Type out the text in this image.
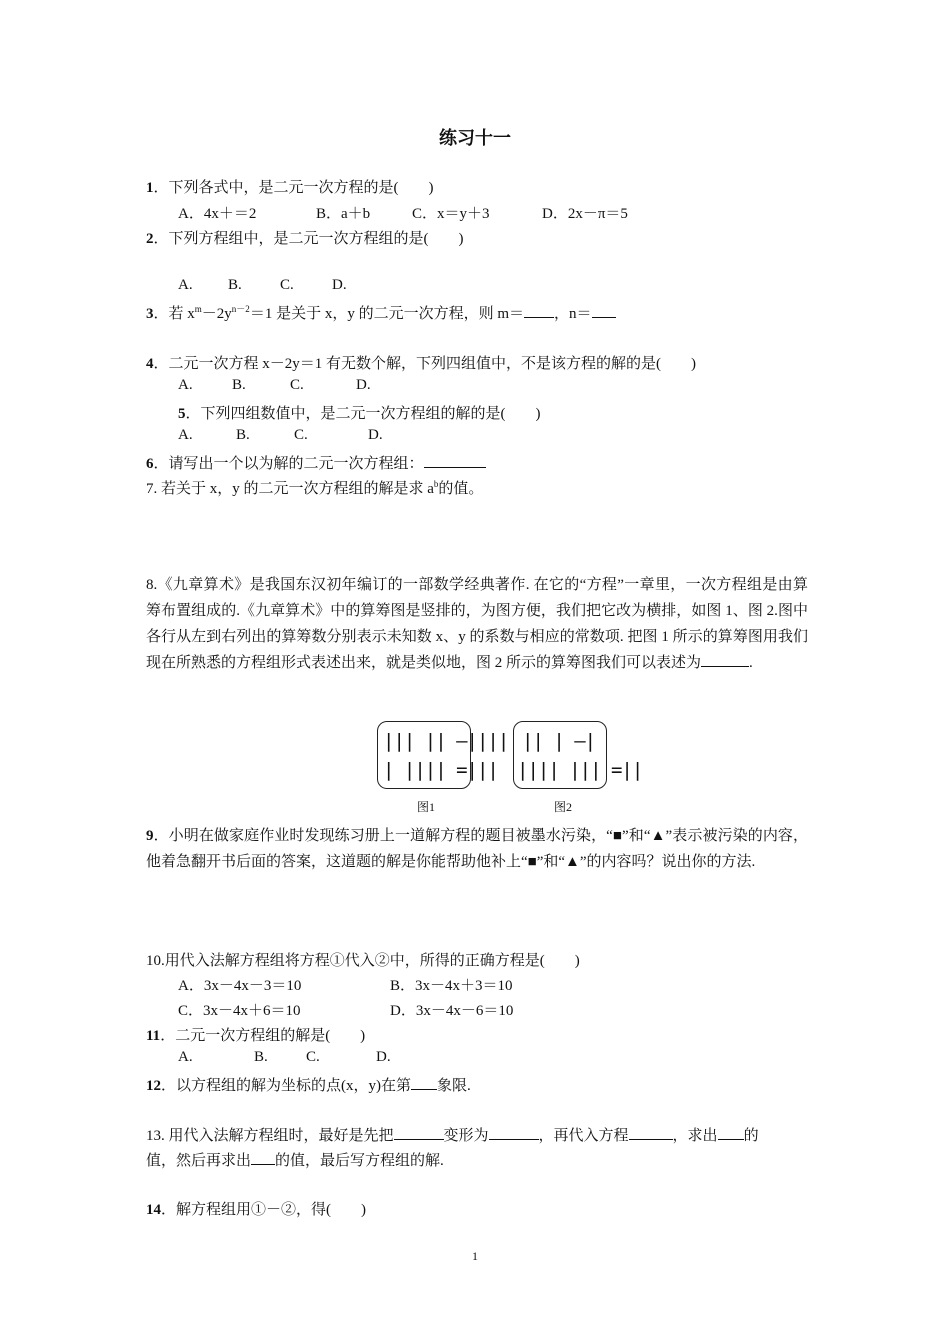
练习十一
1．下列各式中，是二元一次方程的是(　　)
A．4x＋＝2	B．a＋b	C．x＝y＋3	D．2x－π＝5
2．下列方程组中，是二元一次方程组的是(　　)
A. B.	C.	D.
3．若 $x^m-2y^{n-2}=1$ 是关于 x，y 的二元一次方程，则 m＝ ，n＝
4．二元一次方程 x－2y＝1 有无数个解，下列四组值中，不是该方程的解的是(　　)
A.	B.	C.	D.
5．下列四组数值中，是二元一次方程组的解的是(　　)
A.	B.	C.	D.
6．请写出一个以为解的二元一次方程组：
7. 若关于 x，y 的二元一次方程组的解是求 $a^b$的值。
8.《九章算术》是我国东汉初年编订的一部数学经典著作. 在它的“方程”一章里，一次方程组是由算筹布置组成的.《九章算术》中的算筹图是竖排的，为图方便，我们把它改为横排，如图 1、图 2.图中各行从左到右列出的算筹数分别表示未知数 x、y 的系数与相应的常数项. 把图 1 所示的算筹图用我们现在所熟悉的方程组形式表述出来，就是类似地，图 2 所示的算筹图我们可以表述为	.
||| || –||||
| |||| =|||
图1
|| | –|
|||| ||| =||
图2
9．小明在做家庭作业时发现练习册上一道解方程的题目被墨水污染，“■”和“▲”表示被污染的内容，他着急翻开书后面的答案，这道题的解是你能帮助他补上“■”和“▲”的内容吗？说出你的方法.
10.用代入法解方程组将方程①代入②中，所得的正确方程是(　　)
A．3x－4x－3＝10	B．3x－4x＋3＝10
C．3x－4x＋6＝10	D．3x－4x－6＝10
11．二元一次方程组的解是(　　)
A.	B.	C.	D.
12．以方程组的解为坐标的点(x，y)在第 象限.
13. 用代入法解方程组时，最好是先把	变形为	，再代入方程	，求出 的
值，然后再求出 的值，最后写方程组的解.
14．解方程组用①－②，得(　　)
1
